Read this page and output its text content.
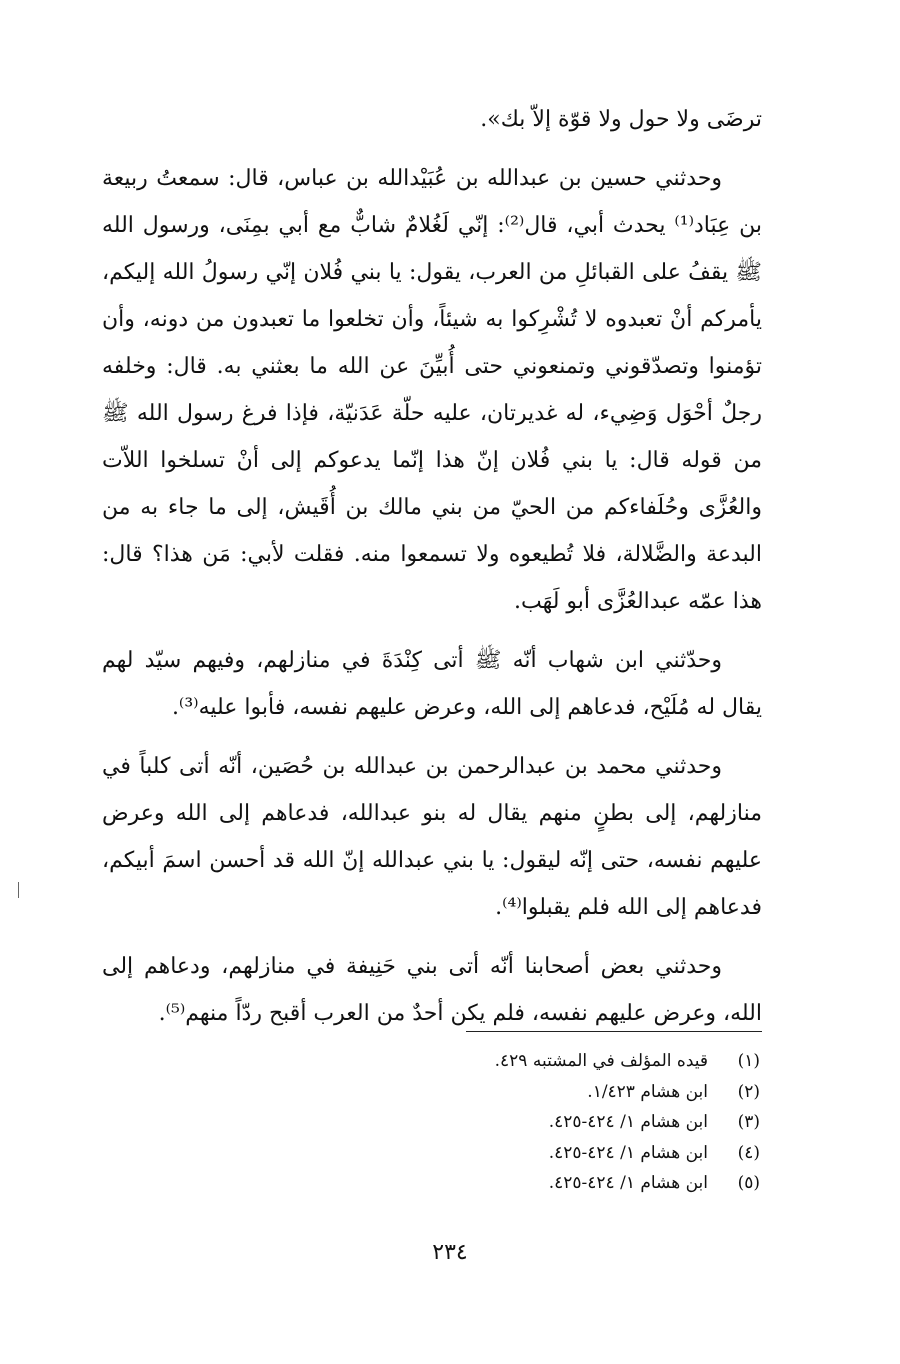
ترضَى ولا حول ولا قوّة إلاّ بك».

وحدثني حسين بن عبدالله بن عُبَيْدالله بن عباس، قال: سمعتُ ربيعة بن عِبَاد⁽¹⁾ يحدث أبي، قال⁽²⁾: إنّي لَغُلامٌ شابٌّ مع أبي بمِنَى، ورسول الله ﷺ يقفُ على القبائلِ من العرب، يقول: يا بني فُلان إنّي رسولُ الله إليكم، يأمركم أنْ تعبدوه لا تُشْرِكوا به شيئاً، وأن تخلعوا ما تعبدون من دونه، وأن تؤمنوا وتصدّقوني وتمنعوني حتى أُبيِّنَ عن الله ما بعثني به. قال: وخلفه رجلٌ أحْوَل وَضِيء، له غديرتان، عليه حلّة عَدَنيّة، فإذا فرغ رسول الله ﷺ من قوله قال: يا بني فُلان إنّ هذا إنّما يدعوكم إلى أنْ تسلخوا اللاّت والعُزَّى وحُلَفاءكم من الحيّ من بني مالك بن أُقَيش، إلى ما جاء به من البدعة والضَّلالة، فلا تُطيعوه ولا تسمعوا منه. فقلت لأبي: مَن هذا؟ قال: هذا عمّه عبدالعُزَّى أبو لَهَب.

وحدّثني ابن شهاب أنّه ﷺ أتى كِنْدَةَ في منازلهم، وفيهم سيّد لهم يقال له مُلَيْح، فدعاهم إلى الله، وعرض عليهم نفسه، فأبوا عليه⁽³⁾.

وحدثني محمد بن عبدالرحمن بن عبدالله بن حُصَين، أنّه أتى كلباً في منازلهم، إلى بطنٍ منهم يقال له بنو عبدالله، فدعاهم إلى الله وعرض عليهم نفسه، حتى إنّه ليقول: يا بني عبدالله إنّ الله قد أحسن اسمَ أبيكم، فدعاهم إلى الله فلم يقبلوا⁽⁴⁾.

وحدثني بعض أصحابنا أنّه أتى بني حَنِيفة في منازلهم، ودعاهم إلى الله، وعرض عليهم نفسه، فلم يكن أحدٌ من العرب أقبح ردّاً منهم⁽⁵⁾.

(١)
قيده المؤلف في المشتبه ٤٢٩.
(٢)
ابن هشام ١/٤٢٣.
(٣)
ابن هشام ١/ ٤٢٤-٤٢٥.
(٤)
ابن هشام ١/ ٤٢٤-٤٢٥.
(٥)
ابن هشام ١/ ٤٢٤-٤٢٥.
٢٣٤
